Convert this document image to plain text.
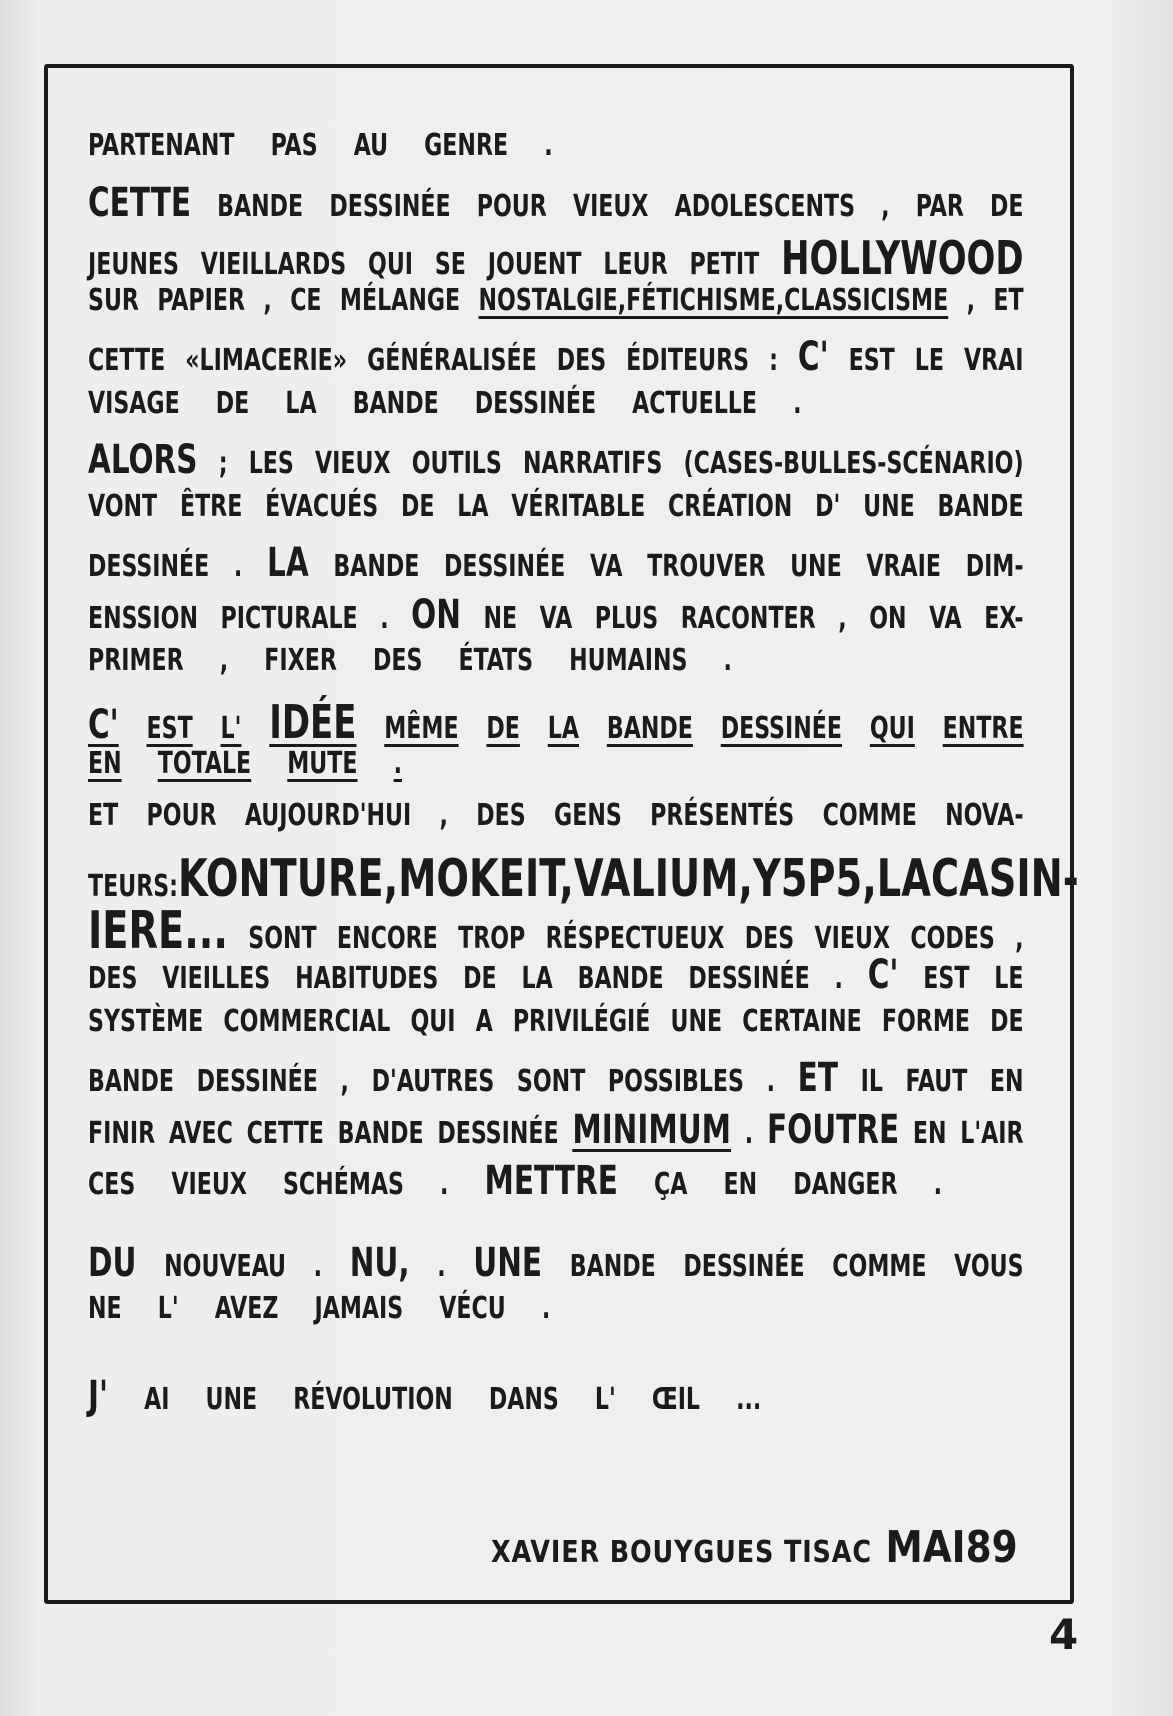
PARTENANT PAS AU GENRE .
CETTE BANDE DESSINÉE POUR VIEUX ADOLESCENTS , PAR DE
JEUNES VIEILLARDS QUI SE JOUENT LEUR PETIT HOLLYWOOD
SUR PAPIER , CE MÉLANGE NOSTALGIE,FÉTICHISME,CLASSICISME , ET
CETTE «LIMACERIE» GÉNÉRALISÉE DES ÉDITEURS : C' EST LE VRAI
VISAGE DE LA BANDE DESSINÉE ACTUELLE .
ALORS ; LES VIEUX OUTILS NARRATIFS (CASES-BULLES-SCÉNARIO)
VONT ÊTRE ÉVACUÉS DE LA VÉRITABLE CRÉATION D' UNE BANDE
DESSINÉE . LA BANDE DESSINÉE VA TROUVER UNE VRAIE DIM-
ENSSION PICTURALE . ON NE VA PLUS RACONTER , ON VA EX-
PRIMER , FIXER DES ÉTATS HUMAINS .
C' EST L' IDÉE MÊME DE LA BANDE DESSINÉE QUI ENTRE
EN TOTALE MUTE .
ET POUR AUJOURD'HUI , DES GENS PRÉSENTÉS COMME NOVA-
TEURS : KONTURE,MOKEIT,VALIUM,Y5P5,LA CASIN-
IERE... SONT ENCORE TROP RÉSPECTUEUX DES VIEUX CODES ,
DES VIEILLES HABITUDES DE LA BANDE DESSINÉE . C' EST LE
SYSTÈME COMMERCIAL QUI A PRIVILÉGIÉ UNE CERTAINE FORME DE
BANDE DESSINÉE , D'AUTRES SONT POSSIBLES . ET IL FAUT EN
FINIR AVEC CETTE BANDE DESSINÉE MINIMUM . FOUTRE EN L'AIR
CES VIEUX SCHÉMAS . METTRE ÇA EN DANGER .
DU NOUVEAU . NU, . UNE BANDE DESSINÉE COMME VOUS
NE L' AVEZ JAMAIS VÉCU .
J' AI UNE RÉVOLUTION DANS L' ŒIL ...
XAVIER BOUYGUES TISAC MAI89
4
